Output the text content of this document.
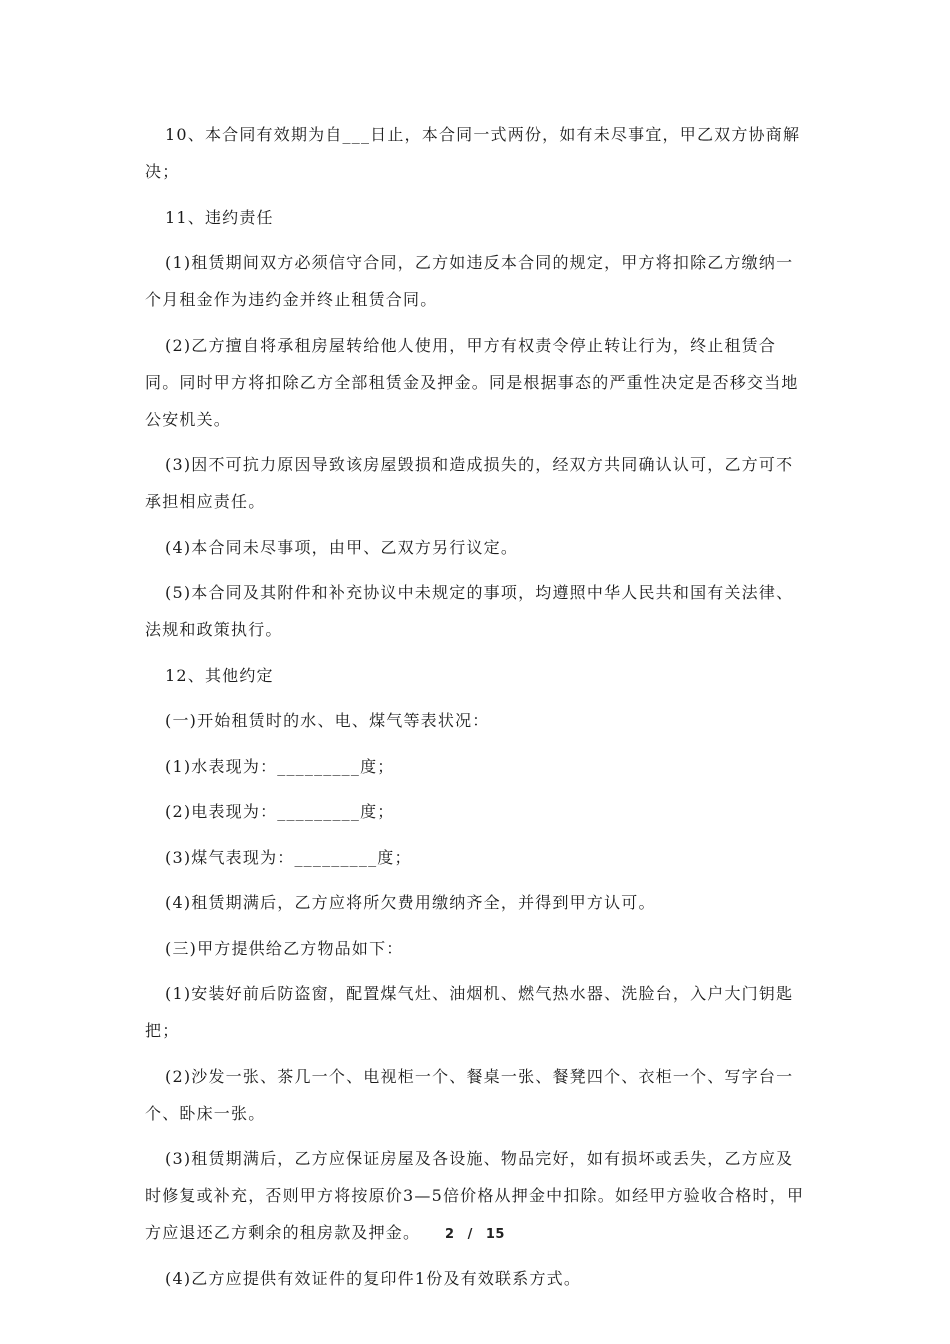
10、本合同有效期为自___日止，本合同一式两份，如有未尽事宜，甲乙双方协商解决；

11、违约责任

(1)租赁期间双方必须信守合同，乙方如违反本合同的规定，甲方将扣除乙方缴纳一个月租金作为违约金并终止租赁合同。

(2)乙方擅自将承租房屋转给他人使用，甲方有权责令停止转让行为，终止租赁合同。同时甲方将扣除乙方全部租赁金及押金。同是根据事态的严重性决定是否移交当地公安机关。

(3)因不可抗力原因导致该房屋毁损和造成损失的，经双方共同确认认可，乙方可不承担相应责任。

(4)本合同未尽事项，由甲、乙双方另行议定。

(5)本合同及其附件和补充协议中未规定的事项，均遵照中华人民共和国有关法律、法规和政策执行。

12、其他约定

(一)开始租赁时的水、电、煤气等表状况：

(1)水表现为：_________度；

(2)电表现为：_________度；

(3)煤气表现为：_________度；

(4)租赁期满后，乙方应将所欠费用缴纳齐全，并得到甲方认可。

(三)甲方提供给乙方物品如下：

(1)安装好前后防盗窗，配置煤气灶、油烟机、燃气热水器、洗脸台，入户大门钥匙把；

(2)沙发一张、茶几一个、电视柜一个、餐桌一张、餐凳四个、衣柜一个、写字台一个、卧床一张。

(3)租赁期满后，乙方应保证房屋及各设施、物品完好，如有损坏或丢失，乙方应及时修复或补充，否则甲方将按原价3—5倍价格从押金中扣除。如经甲方验收合格时，甲方应退还乙方剩余的租房款及押金。

(4)乙方应提供有效证件的复印件1份及有效联系方式。

2 / 15
